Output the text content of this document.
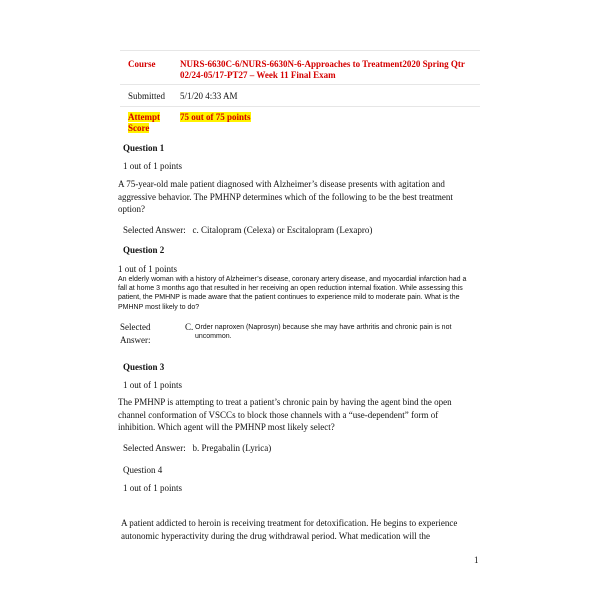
Course	NURS-6630C-6/NURS-6630N-6-Approaches to Treatment2020 Spring Qtr
02/24-05/17-PT27 – Week 11 Final Exam
Submitted 5/1/20 4:33 AM
Attempt
Score
75 out of 75 points
Question 1
1 out of 1 points
A 75-year-old male patient diagnosed with Alzheimer’s disease presents with agitation and
aggressive behavior. The PMHNP determines which of the following to be the best treatment
option?
Selected Answer:   c. Citalopram (Celexa) or Escitalopram (Lexapro)
Question 2
1 out of 1 points
An elderly woman with a history of Alzheimer’s disease, coronary artery disease, and myocardial infarction had a
fall at home 3 months ago that resulted in her receiving an open reduction internal fixation. While assessing this
patient, the PMHNP is made aware that the patient continues to experience mild to moderate pain. What is the
PMHNP most likely to do?
Selected
Answer:
C. Order naproxen (Naprosyn) because she may have arthritis and chronic pain is not
uncommon.
Question 3
1 out of 1 points
The PMHNP is attempting to treat a patient’s chronic pain by having the agent bind the open
channel conformation of VSCCs to block those channels with a “use-dependent” form of
inhibition. Which agent will the PMHNP most likely select?
Selected Answer:   b. Pregabalin (Lyrica)
Question 4
1 out of 1 points
A patient addicted to heroin is receiving treatment for detoxification. He begins to experience
autonomic hyperactivity during the drug withdrawal period. What medication will the
1
